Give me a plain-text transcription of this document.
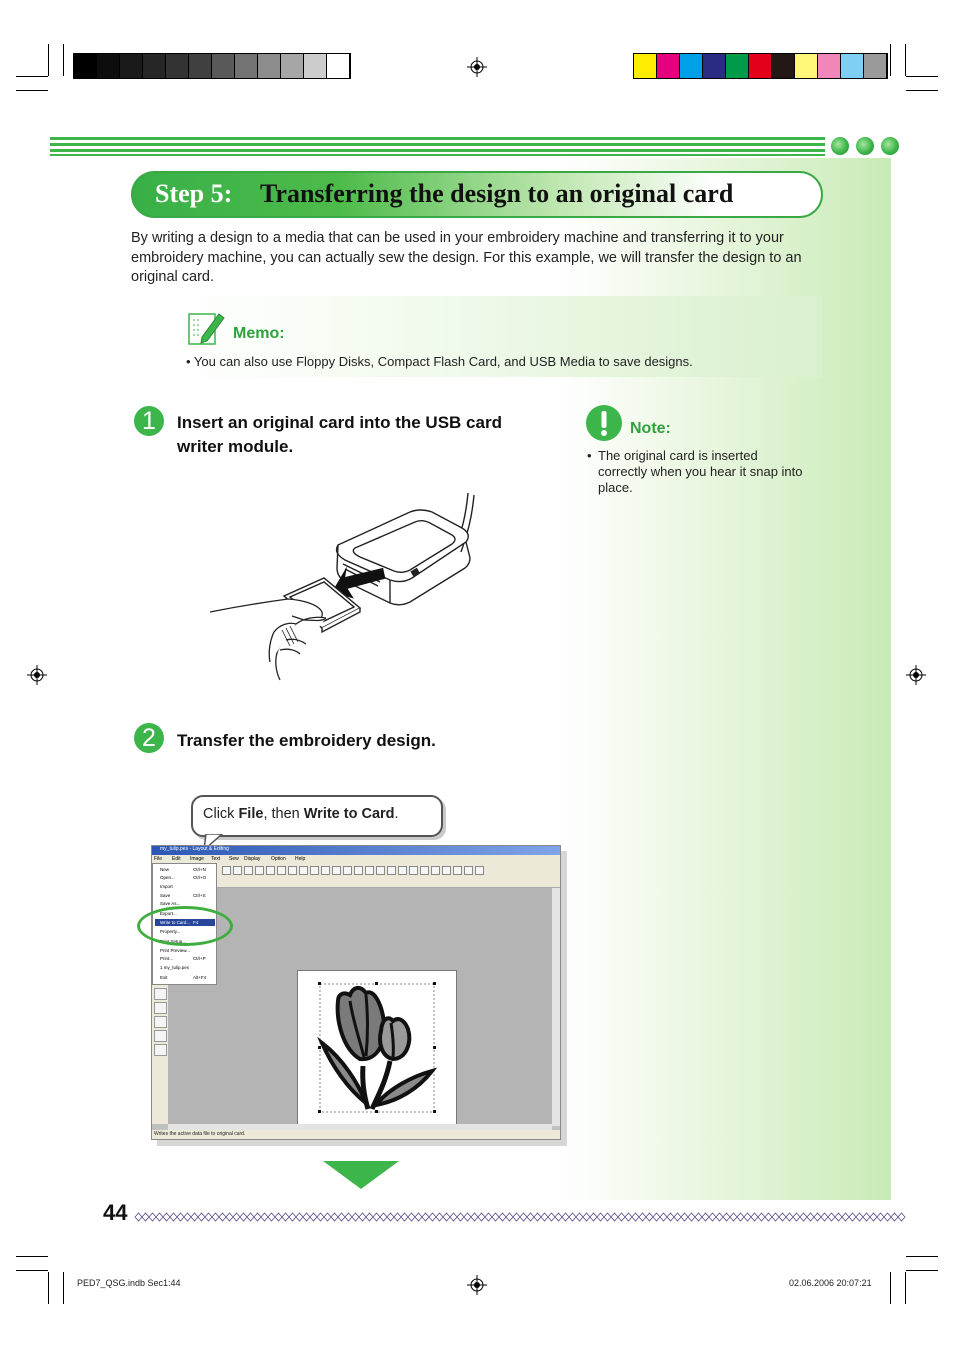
Step 5: Transferring the design to an original card
By writing a design to a media that can be used in your embroidery machine and transferring it to your embroidery machine, you can actually sew the design. For this example, we will transfer the design to an original card.
Memo:
• You can also use Floppy Disks, Compact Flash Card, and USB Media to save designs.
1	Insert an original card into the USB card writer module.
Note:
• The original card is inserted correctly when you hear it snap into place.
2	Transfer the embroidery design.
Click File, then Write to Card.
my_tulip.pes - Layout & Editing
File Edit Image Text Sew Display Option Help
New	Ctrl+N
Open...	Ctrl+O
Import
Save	Ctrl+S
Save As...
Export...
Write to Card... F4
Property...
Print Setup...
Print Preview...
Print...	Ctrl+P
1 my_tulip.pes
Exit	Alt+F4
Writes the active data file to original card.
44
PED7_QSG.indb Sec1:44	02.06.2006 20:07:21
